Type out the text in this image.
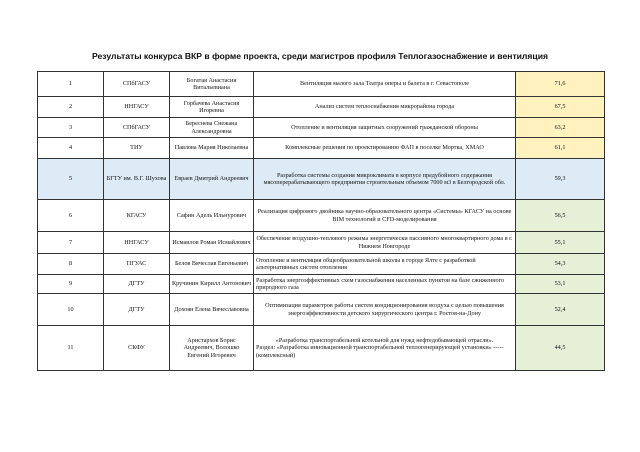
Результаты конкурса ВКР в форме проекта, среди магистров профиля Теплогазоснабжение и вентиляция
1	СПбГАСУ	Богатая Анастасия Витальевиана	Вентиляция малого зала Театра оперы и балета в г. Севастополе	71,6
2	ННГАСУ	Горбачева Анастасия Игоревна	Анализ систем теплоснабжения микрорайона города	67,5
3	СПбГАСУ	Береснева Снежана Александровна	Отопление и вентиляция защитных сооружений гражданской обороны	63,2
4	ТИУ	Павлова Мария Николаевна	Комплексные решения по проектированию ФАП в поселке Мортка, ХМАО	61,1
5	БГТУ им. В.Г. Шухова	Евраев Дмитрий Андреевич	Разработка системы создания микроклимата в корпусе предубойного содержания мясоперерабатывающего предприятия строительным объемом 7000 м3 в Белгородской обл.	59,3
6	КГАСУ	Сафин Адель Ильнурович	Реализация цифрового двойника научно-образовательного центра «Системы» КГАСУ на основе BIM технологий и CFD-моделирования	56,5
7	ННГАСУ	Исмаилов Роман Исмайлович	Обеспечение воздушно-теплового режима энергетически пассивного многоквартирного дома в г. Нижнем Новгороде	55,1
8	ПГУАС	Белов Вячеслав Евгеньевич	Отопление и вентиляция общеобразовательной школы в городе Ялте с разработкой альтернативных систем отопления	54,3
9	ДГТУ	Кручинин Кирилл Антонович	Разработка энергоэффективных схем газоснабжения населенных пунктов на базе сжиженного природного газа	53,1
10	ДГТУ	Дохоян Елена Вячеславовна	Оптимизация параметров работы систем кондиционирования воздуха с целью повышения энергоэффективности детского хирургического центра г. Ростов-на-Дону	52,4
11	СКФУ	Аристархов Борис Андреевич, Волошко Евгений Игоревич	«Разработка транспортабельной котельной для нужд нефтедобывающей отрасли».
Раздел: «Разработка инновационной транспортабельной теплогенерирующей установки» ----- (комплексный)	44,5
